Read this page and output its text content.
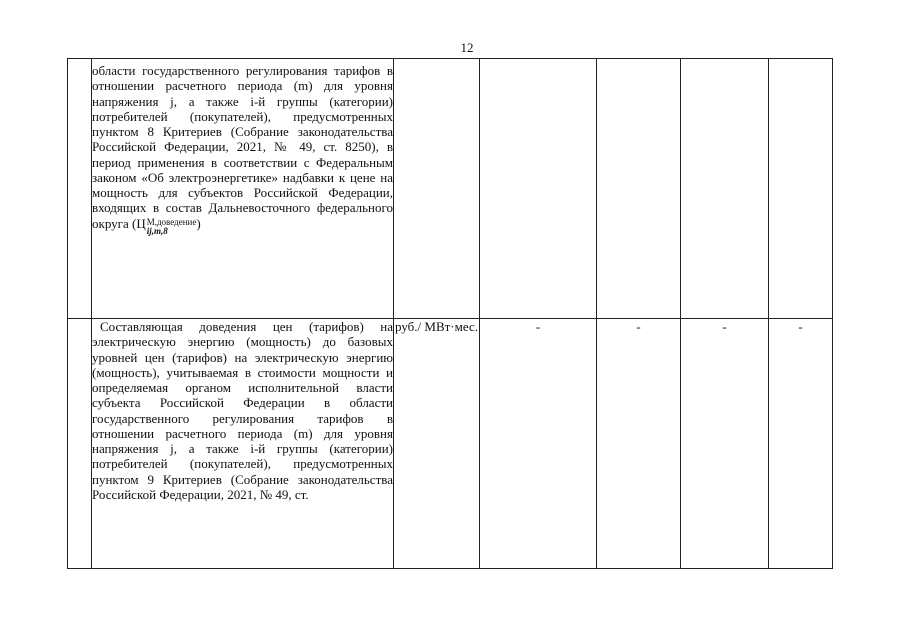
12

	области государственного регулирования тарифов в отношении расчетного периода (m) для уровня напряжения j, а также i-й группы (категории) потребителей (покупателей), предусмотренных пунктом 8 Критериев (Собрание законодательства Российской Федерации, 2021, № 49, ст. 8250), в период применения в соответствии с Федеральным законом «Об электроэнергетике» надбавки к цене на мощность для субъектов Российской Федерации, входящих в состав Дальневосточного федерального округа (Ц М,доведение
ij,m,8 )					

	Составляющая доведения цен (тарифов) на электрическую энергию (мощность) до базовых уровней цен (тарифов) на электрическую энергию (мощность), учитываемая в стоимости мощности и определяемая органом исполнительной власти субъекта Российской Федерации в области государственного регулирования тарифов в отношении расчетного периода (m) для уровня напряжения j, а также i-й группы (категории) потребителей (покупателей), предусмотренных пунктом 9 Критериев (Собрание законодательства Российской Федерации, 2021, № 49, ст.	руб./ МВт·мес.	-	-	-	-
